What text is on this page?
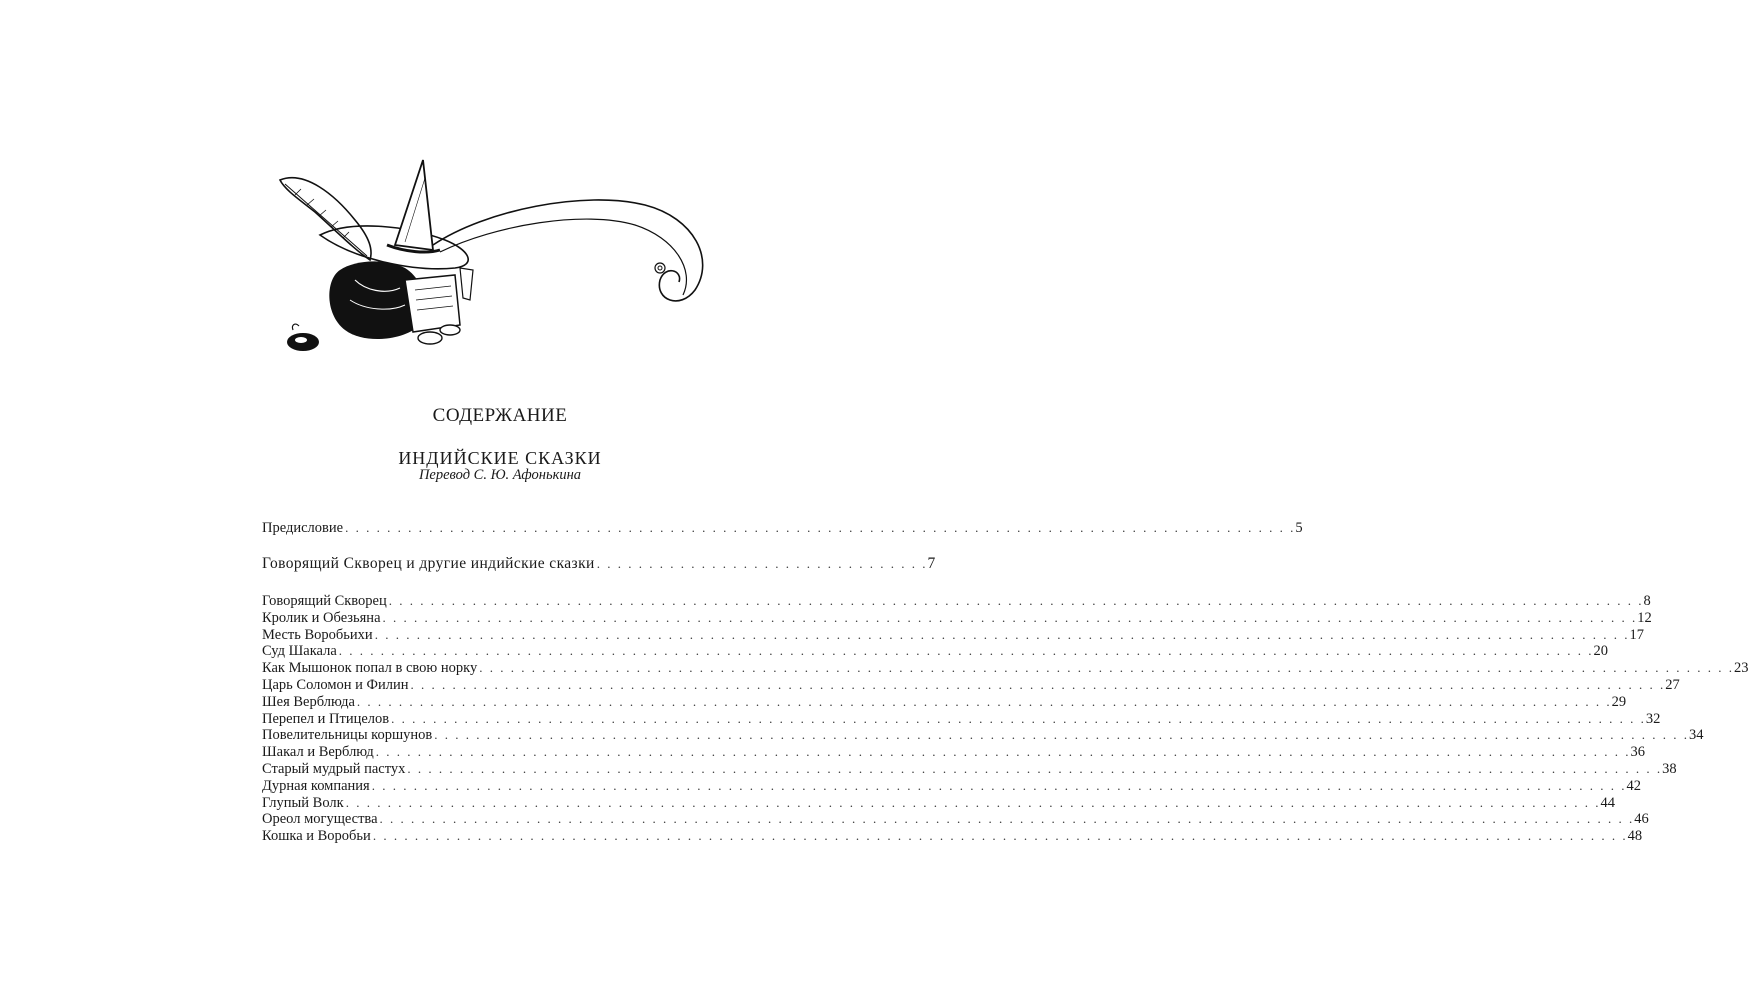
СОДЕРЖАНИЕ
ИНДИЙСКИЕ СКАЗКИ
Перевод С. Ю. Афонькина
Предисловие . . . . . . . . . . . . . . . . . . . . . . . . . . . . . . . . . . . . . . . . . . . . . . . . . . . . . . . . . . . . . . . . . . . . . . . . . . . . . . . . . . . . . . . . . . . 5
Говорящий Скворец и другие индийские сказки . . . . . . . . . . . . . . . . . . . . . . . . . . . . . . . . 7
Говорящий Скворец . . . . . . . . . . . . . . . . . . . . . . . . . . . . . . . . . . . . . . . . . . . . . . . . . . . . . . . . . . . . . . . . . . . . . . . . . . . . . . . . . . . . . . . . . . . . . . . . . . . . . . . . . . . . . . . . . . . . . . . . 8
Кролик и Обезьяна . . . . . . . . . . . . . . . . . . . . . . . . . . . . . . . . . . . . . . . . . . . . . . . . . . . . . . . . . . . . . . . . . . . . . . . . . . . . . . . . . . . . . . . . . . . . . . . . . . . . . . . . . . . . . . . . . . . . . . . . 12
Месть Воробьихи . . . . . . . . . . . . . . . . . . . . . . . . . . . . . . . . . . . . . . . . . . . . . . . . . . . . . . . . . . . . . . . . . . . . . . . . . . . . . . . . . . . . . . . . . . . . . . . . . . . . . . . . . . . . . . . . . . . . . . . . 17
Суд Шакала . . . . . . . . . . . . . . . . . . . . . . . . . . . . . . . . . . . . . . . . . . . . . . . . . . . . . . . . . . . . . . . . . . . . . . . . . . . . . . . . . . . . . . . . . . . . . . . . . . . . . . . . . . . . . . . . . . . . . . . . 20
Как Мышонок попал в свою норку . . . . . . . . . . . . . . . . . . . . . . . . . . . . . . . . . . . . . . . . . . . . . . . . . . . . . . . . . . . . . . . . . . . . . . . . . . . . . . . . . . . . . . . . . . . . . . . . . . . . . . . . . . . . . . . . . . . . . . . . 23
Царь Соломон и Филин . . . . . . . . . . . . . . . . . . . . . . . . . . . . . . . . . . . . . . . . . . . . . . . . . . . . . . . . . . . . . . . . . . . . . . . . . . . . . . . . . . . . . . . . . . . . . . . . . . . . . . . . . . . . . . . . . . . . . . . . 27
Шея Верблюда . . . . . . . . . . . . . . . . . . . . . . . . . . . . . . . . . . . . . . . . . . . . . . . . . . . . . . . . . . . . . . . . . . . . . . . . . . . . . . . . . . . . . . . . . . . . . . . . . . . . . . . . . . . . . . . . . . . . . . . . 29
Перепел и Птицелов . . . . . . . . . . . . . . . . . . . . . . . . . . . . . . . . . . . . . . . . . . . . . . . . . . . . . . . . . . . . . . . . . . . . . . . . . . . . . . . . . . . . . . . . . . . . . . . . . . . . . . . . . . . . . . . . . . . . . . . . 32
Повелительницы коршунов . . . . . . . . . . . . . . . . . . . . . . . . . . . . . . . . . . . . . . . . . . . . . . . . . . . . . . . . . . . . . . . . . . . . . . . . . . . . . . . . . . . . . . . . . . . . . . . . . . . . . . . . . . . . . . . . . . . . . . . . 34
Шакал и Верблюд . . . . . . . . . . . . . . . . . . . . . . . . . . . . . . . . . . . . . . . . . . . . . . . . . . . . . . . . . . . . . . . . . . . . . . . . . . . . . . . . . . . . . . . . . . . . . . . . . . . . . . . . . . . . . . . . . . . . . . . . 36
Старый мудрый пастух . . . . . . . . . . . . . . . . . . . . . . . . . . . . . . . . . . . . . . . . . . . . . . . . . . . . . . . . . . . . . . . . . . . . . . . . . . . . . . . . . . . . . . . . . . . . . . . . . . . . . . . . . . . . . . . . . . . . . . . . 38
Дурная компания . . . . . . . . . . . . . . . . . . . . . . . . . . . . . . . . . . . . . . . . . . . . . . . . . . . . . . . . . . . . . . . . . . . . . . . . . . . . . . . . . . . . . . . . . . . . . . . . . . . . . . . . . . . . . . . . . . . . . . . . 42
Глупый Волк . . . . . . . . . . . . . . . . . . . . . . . . . . . . . . . . . . . . . . . . . . . . . . . . . . . . . . . . . . . . . . . . . . . . . . . . . . . . . . . . . . . . . . . . . . . . . . . . . . . . . . . . . . . . . . . . . . . . . . . . 44
Ореол могущества . . . . . . . . . . . . . . . . . . . . . . . . . . . . . . . . . . . . . . . . . . . . . . . . . . . . . . . . . . . . . . . . . . . . . . . . . . . . . . . . . . . . . . . . . . . . . . . . . . . . . . . . . . . . . . . . . . . . . . . . 46
Кошка и Воробьи . . . . . . . . . . . . . . . . . . . . . . . . . . . . . . . . . . . . . . . . . . . . . . . . . . . . . . . . . . . . . . . . . . . . . . . . . . . . . . . . . . . . . . . . . . . . . . . . . . . . . . . . . . . . . . . . . . . . . . . . 48
